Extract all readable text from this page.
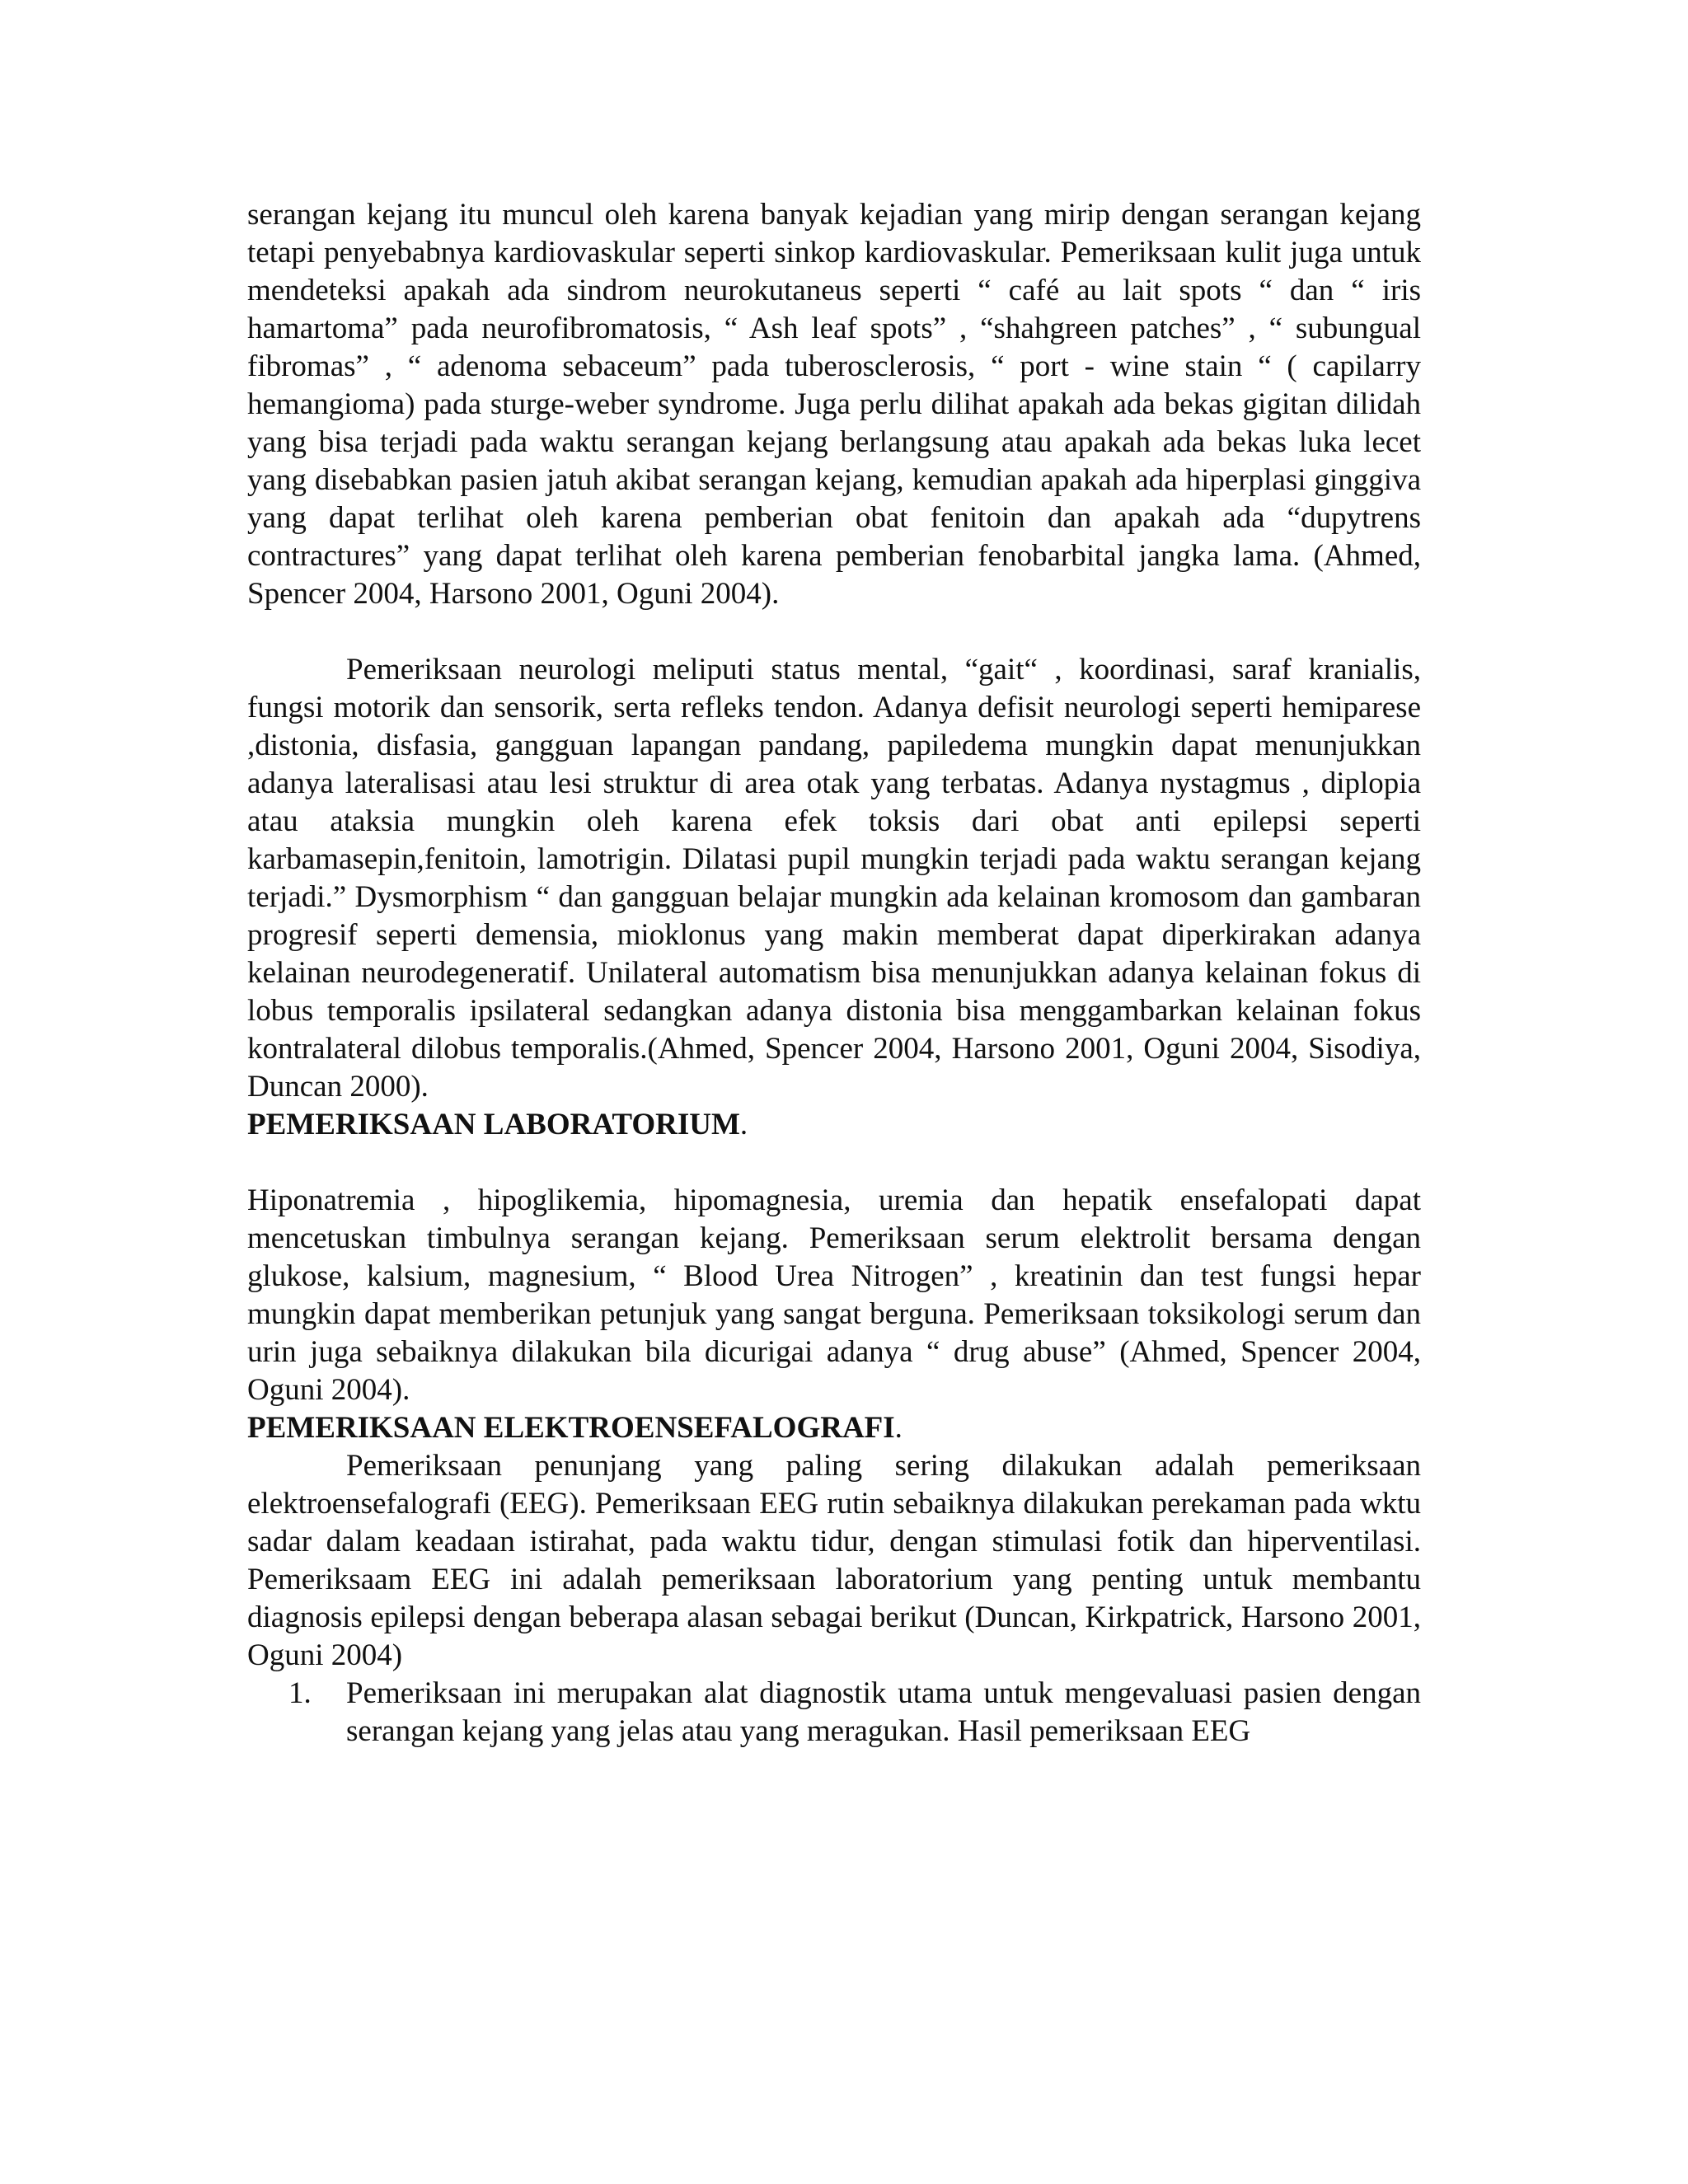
serangan kejang itu muncul oleh karena banyak kejadian yang mirip dengan serangan kejang tetapi penyebabnya kardiovaskular seperti sinkop kardiovaskular. Pemeriksaan kulit juga untuk mendeteksi apakah ada sindrom neurokutaneus seperti “ café au lait spots “ dan “ iris hamartoma” pada neurofibromatosis, “ Ash leaf spots” , “shahgreen patches” , “ subungual fibromas” , “ adenoma sebaceum” pada tuberosclerosis, “ port - wine stain “ ( capilarry hemangioma) pada sturge-weber syndrome. Juga perlu dilihat apakah ada bekas gigitan dilidah yang bisa terjadi pada waktu serangan kejang berlangsung atau apakah ada bekas luka lecet yang disebabkan pasien jatuh akibat serangan kejang, kemudian apakah ada hiperplasi ginggiva yang dapat terlihat oleh karena pemberian obat fenitoin dan apakah ada “dupytrens contractures” yang dapat terlihat oleh karena pemberian fenobarbital jangka lama. (Ahmed, Spencer 2004, Harsono 2001, Oguni 2004).

Pemeriksaan neurologi meliputi status mental, “gait“ , koordinasi, saraf kranialis, fungsi motorik dan sensorik, serta refleks tendon. Adanya defisit neurologi seperti hemiparese ,distonia, disfasia, gangguan lapangan pandang, papiledema mungkin dapat menunjukkan adanya lateralisasi atau lesi struktur di area otak yang terbatas. Adanya nystagmus , diplopia atau ataksia mungkin oleh karena efek toksis dari obat anti epilepsi seperti karbamasepin,fenitoin, lamotrigin. Dilatasi pupil mungkin terjadi pada waktu serangan kejang terjadi.” Dysmorphism “ dan gangguan belajar mungkin ada kelainan kromosom dan gambaran progresif seperti demensia, mioklonus yang makin memberat dapat diperkirakan adanya kelainan neurodegeneratif. Unilateral automatism bisa menunjukkan adanya kelainan fokus di lobus temporalis ipsilateral sedangkan adanya distonia bisa menggambarkan kelainan fokus kontralateral dilobus temporalis.(Ahmed, Spencer 2004, Harsono 2001, Oguni 2004, Sisodiya, Duncan 2000).

PEMERIKSAAN LABORATORIUM.

Hiponatremia , hipoglikemia, hipomagnesia, uremia dan hepatik ensefalopati dapat mencetuskan timbulnya serangan kejang. Pemeriksaan serum elektrolit bersama dengan glukose, kalsium, magnesium, “ Blood Urea Nitrogen” , kreatinin dan test fungsi hepar mungkin dapat memberikan petunjuk yang sangat berguna. Pemeriksaan toksikologi serum dan urin juga sebaiknya dilakukan bila dicurigai adanya “ drug abuse” (Ahmed, Spencer 2004, Oguni 2004).

PEMERIKSAAN ELEKTROENSEFALOGRAFI.

Pemeriksaan penunjang yang paling sering dilakukan adalah pemeriksaan elektroensefalografi (EEG). Pemeriksaan EEG rutin sebaiknya dilakukan perekaman pada wktu sadar dalam keadaan istirahat, pada waktu tidur, dengan stimulasi fotik dan hiperventilasi. Pemeriksaam EEG ini adalah pemeriksaan laboratorium yang penting untuk membantu diagnosis epilepsi dengan beberapa alasan sebagai berikut (Duncan, Kirkpatrick, Harsono 2001, Oguni 2004)

1.	Pemeriksaan ini merupakan alat diagnostik utama untuk mengevaluasi pasien dengan serangan kejang yang jelas atau yang meragukan. Hasil pemeriksaan EEG
